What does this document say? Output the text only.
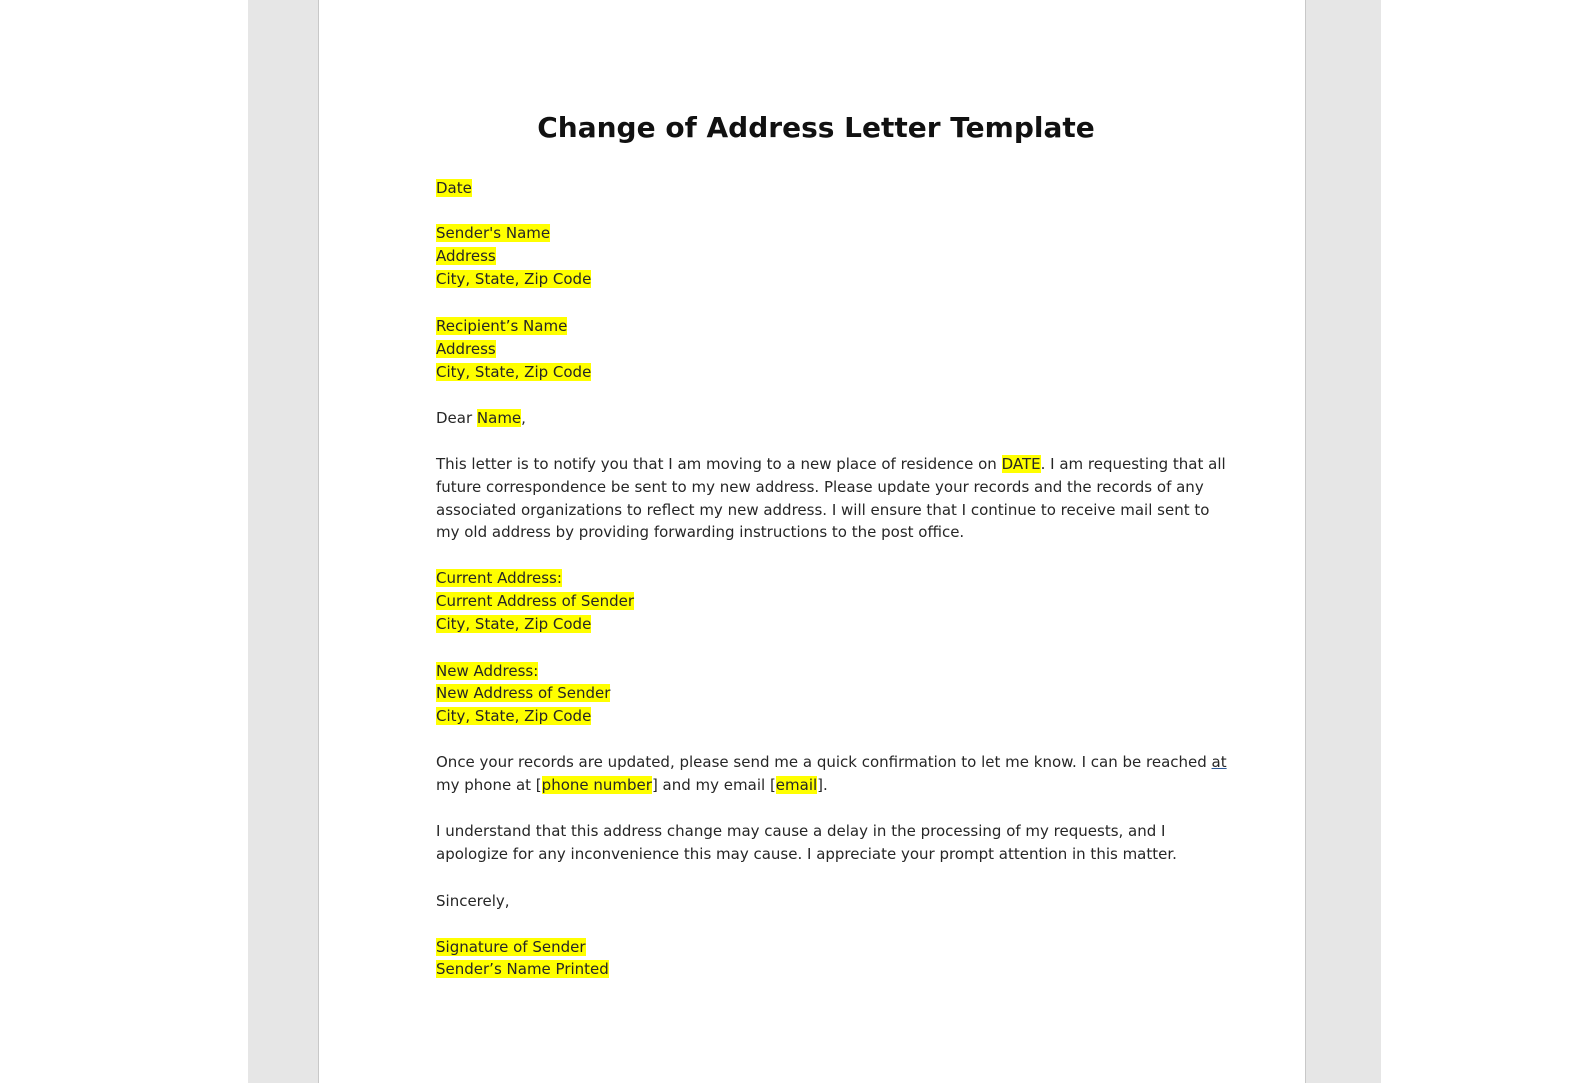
Change of Address Letter Template
Date
Sender's Name
Address
City, State, Zip Code
Recipient’s Name
Address
City, State, Zip Code
Dear Name,
This letter is to notify you that I am moving to a new place of residence on DATE. I am requesting that all
future correspondence be sent to my new address. Please update your records and the records of any
associated organizations to reflect my new address. I will ensure that I continue to receive mail sent to
my old address by providing forwarding instructions to the post office.
Current Address:
Current Address of Sender
City, State, Zip Code
New Address:
New Address of Sender
City, State, Zip Code
Once your records are updated, please send me a quick confirmation to let me know. I can be reached at
my phone at [phone number] and my email [email].
I understand that this address change may cause a delay in the processing of my requests, and I
apologize for any inconvenience this may cause. I appreciate your prompt attention in this matter.
Sincerely,
Signature of Sender
Sender’s Name Printed
